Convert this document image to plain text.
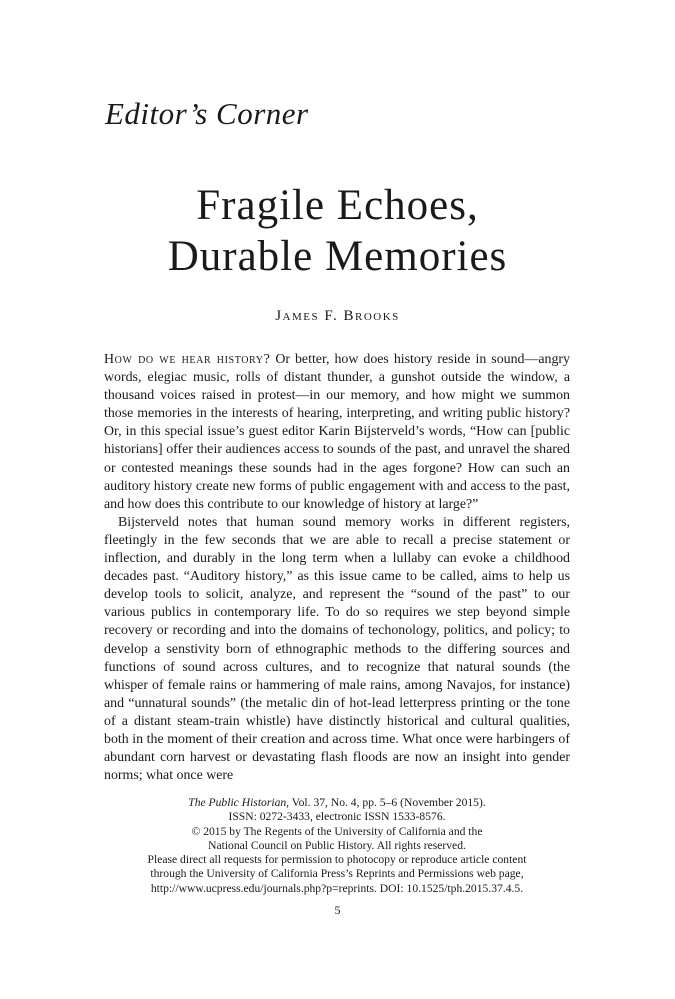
Editor’s Corner
Fragile Echoes,
Durable Memories
James F. Brooks

How do we hear history? Or better, how does history reside in sound—angry words, elegiac music, rolls of distant thunder, a gunshot outside the window, a thousand voices raised in protest—in our memory, and how might we summon those memories in the interests of hearing, interpreting, and writing public history? Or, in this special issue’s guest editor Karin Bijsterveld’s words, “How can [public historians] offer their audiences access to sounds of the past, and unravel the shared or contested meanings these sounds had in the ages forgone? How can such an auditory history create new forms of public engagement with and access to the past, and how does this contribute to our knowledge of history at large?”

Bijsterveld notes that human sound memory works in different registers, fleetingly in the few seconds that we are able to recall a precise statement or inflection, and durably in the long term when a lullaby can evoke a childhood decades past. “Auditory history,” as this issue came to be called, aims to help us develop tools to solicit, analyze, and represent the “sound of the past” to our various publics in contemporary life. To do so requires we step beyond simple recovery or recording and into the domains of techonology, politics, and policy; to develop a senstivity born of ethnographic methods to the differing sources and functions of sound across cultures, and to recognize that natural sounds (the whisper of female rains or hammering of male rains, among Navajos, for instance) and “unnatural sounds” (the metalic din of hot-lead letterpress printing or the tone of a distant steam-train whistle) have distinctly historical and cultural qualities, both in the moment of their creation and across time. What once were harbingers of abundant corn harvest or devastating flash floods are now an insight into gender norms; what once were

The Public Historian, Vol. 37, No. 4, pp. 5–6 (November 2015).
ISSN: 0272-3433, electronic ISSN 1533-8576.
© 2015 by The Regents of the University of California and the
National Council on Public History. All rights reserved.
Please direct all requests for permission to photocopy or reproduce article content
through the University of California Press’s Reprints and Permissions web page,
http://www.ucpress.edu/journals.php?p=reprints. DOI: 10.1525/tph.2015.37.4.5.
5
